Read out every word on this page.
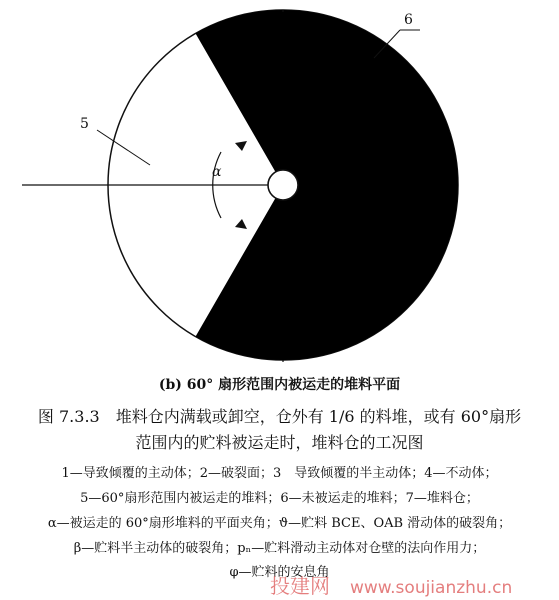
α
5
6
(b) 60° 扇形范围内被运走的堆料平面
图 7.3.3　堆料仓内满载或卸空，仓外有 1/6 的料堆，或有 60°扇形
范围内的贮料被运走时，堆料仓的工况图
1—导致倾覆的主动体；2—破裂面；3　导致倾覆的半主动体；4—不动体；
5—60°扇形范围内被运走的堆料；6—未被运走的堆料；7—堆料仓；
α—被运走的 60°扇形堆料的平面夹角；ϑ—贮料 BCE、OAB 滑动体的破裂角；
β—贮料半主动体的破裂角；pₙ—贮料滑动主动体对仓壁的法向作用力；
φ—贮料的安息角
投建网 www.soujianzhu.cn
